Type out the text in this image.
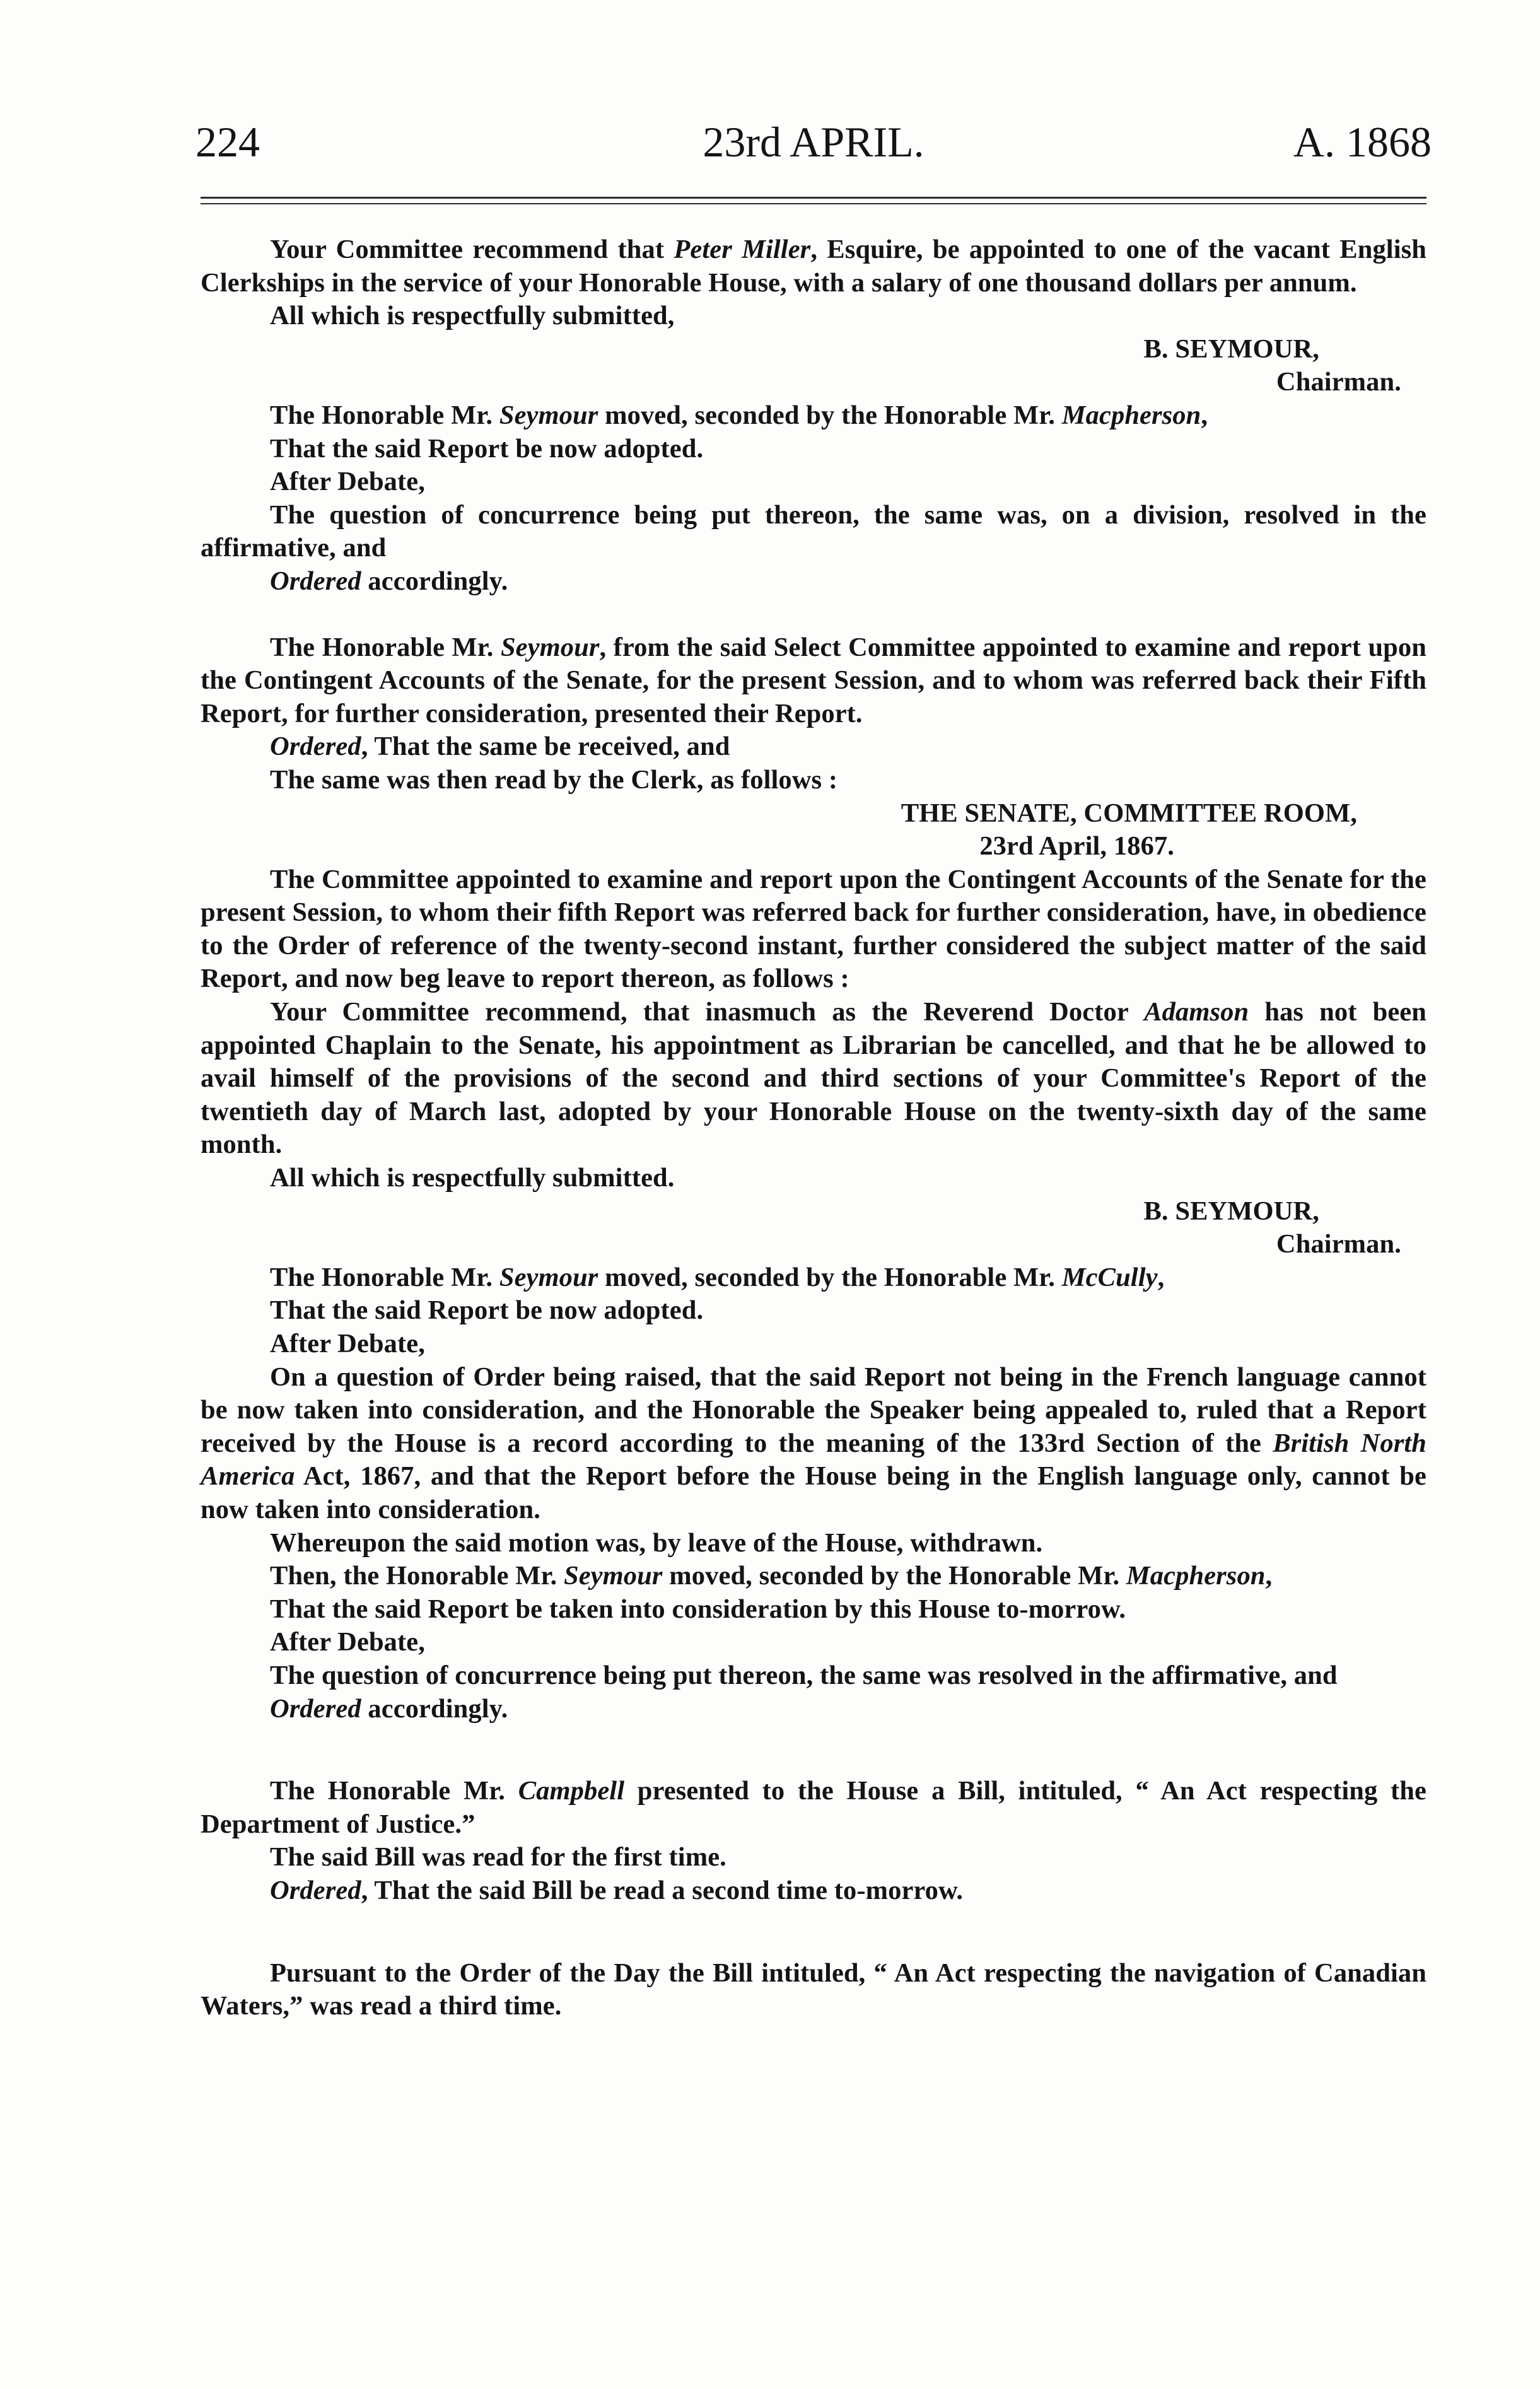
224	23rd APRIL.	A. 1868

Your Committee recommend that Peter Miller, Esquire, be appointed to one of the vacant English Clerkships in the service of your Honorable House, with a salary of one thousand dollars per annum.

All which is respectfully submitted,

B. SEYMOUR,

Chairman.

The Honorable Mr. Seymour moved, seconded by the Honorable Mr. Macpherson,

That the said Report be now adopted.

After Debate,

The question of concurrence being put thereon, the same was, on a division, resolved in the affirmative, and

Ordered accordingly.

The Honorable Mr. Seymour, from the said Select Committee appointed to examine and report upon the Contingent Accounts of the Senate, for the present Session, and to whom was referred back their Fifth Report, for further consideration, presented their Report.

Ordered, That the same be received, and

The same was then read by the Clerk, as follows :

THE SENATE, COMMITTEE ROOM,

23rd April, 1867.

The Committee appointed to examine and report upon the Contingent Accounts of the Senate for the present Session, to whom their fifth Report was referred back for further consideration, have, in obedience to the Order of reference of the twenty-second instant, further considered the subject matter of the said Report, and now beg leave to report thereon, as follows :

Your Committee recommend, that inasmuch as the Reverend Doctor Adamson has not been appointed Chaplain to the Senate, his appointment as Librarian be cancelled, and that he be allowed to avail himself of the provisions of the second and third sections of your Committee's Report of the twentieth day of March last, adopted by your Honorable House on the twenty-sixth day of the same month.

All which is respectfully submitted.

B. SEYMOUR,

Chairman.

The Honorable Mr. Seymour moved, seconded by the Honorable Mr. McCully,

That the said Report be now adopted.

After Debate,

On a question of Order being raised, that the said Report not being in the French language cannot be now taken into consideration, and the Honorable the Speaker being appealed to, ruled that a Report received by the House is a record according to the meaning of the 133rd Section of the British North America Act, 1867, and that the Report before the House being in the English language only, cannot be now taken into consideration.

Whereupon the said motion was, by leave of the House, withdrawn.

Then, the Honorable Mr. Seymour moved, seconded by the Honorable Mr. Macpherson,

That the said Report be taken into consideration by this House to-morrow.

After Debate,

The question of concurrence being put thereon, the same was resolved in the affirmative, and

Ordered accordingly.

The Honorable Mr. Campbell presented to the House a Bill, intituled, “ An Act respecting the Department of Justice.”

The said Bill was read for the first time.

Ordered, That the said Bill be read a second time to-morrow.

Pursuant to the Order of the Day the Bill intituled, “ An Act respecting the navigation of Canadian Waters,” was read a third time.
